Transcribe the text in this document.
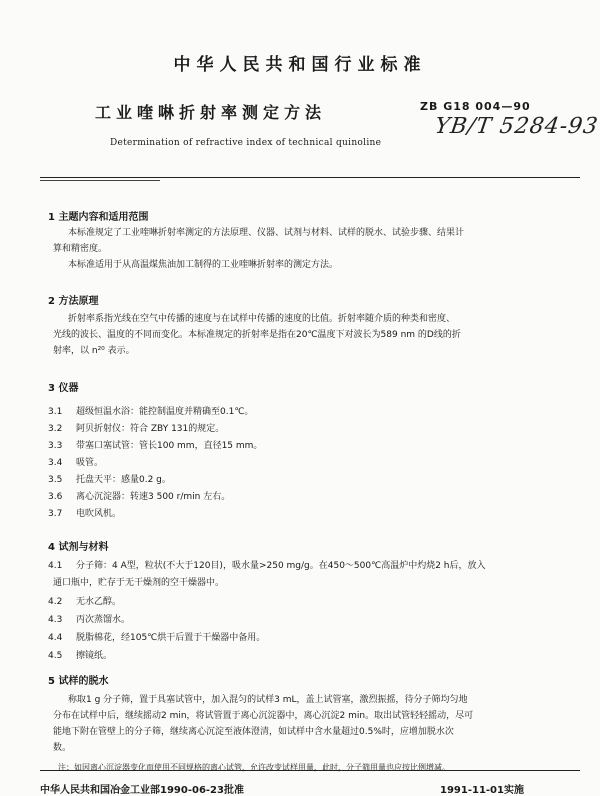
中华人民共和国行业标准
工业喹啉折射率测定方法	ZB G18 004—90
YB/T 5284-93
Determination of refractive index of technical quinoline
1 主题内容和适用范围
本标准规定了工业喹啉折射率测定的方法原理、仪器、试剂与材料、试样的脱水、试验步骤、结果计
算和精密度。
本标准适用于从高温煤焦油加工制得的工业喹啉折射率的测定方法。
2 方法原理
折射率系指光线在空气中传播的速度与在试样中传播的速度的比值。折射率随介质的种类和密度、
光线的波长、温度的不同而变化。本标准规定的折射率是指在20℃温度下对波长为589 nm 的D线的折
射率，以 n²⁰ 表示。
3 仪器
3.1 超级恒温水浴：能控制温度并精确至0.1℃。
3.2 阿贝折射仪：符合 ZBY 131的规定。
3.3 带塞口塞试管：管长100 mm，直径15 mm。
3.4 吸管。
3.5 托盘天平：感量0.2 g。
3.6 离心沉淀器：转速3 500 r/min 左右。
3.7 电吹风机。
4 试剂与材料
4.1 分子筛：4 A型，粒状(不大于120目)，吸水量>250 mg/g。在450～500℃高温炉中灼烧2 h后，放入
通口瓶中，贮存于无干燥剂的空干燥器中。
4.2 无水乙醇。
4.3 丙次蒸馏水。
4.4 脱脂棉花，经105℃烘干后置于干燥器中备用。
4.5 擦镜纸。
5 试样的脱水
称取1 g 分子筛，置于具塞试管中，加入混匀的试样3 mL，盖上试管塞，激烈振摇，待分子筛均匀地
分布在试样中后，继续摇动2 min，将试管置于离心沉淀器中，离心沉淀2 min。取出试管轻轻摇动，尽可
能地下附在管壁上的分子筛，继续离心沉淀至液体澄清，如试样中含水量超过0.5%时，应增加脱水次
数。
注：如因离心沉淀器变化而使用不同规格的离心试管，允许改变试样用量，此时，分子筛用量也应按比例增减。
中华人民共和国冶金工业部1990-06-23批准	1991-11-01实施
